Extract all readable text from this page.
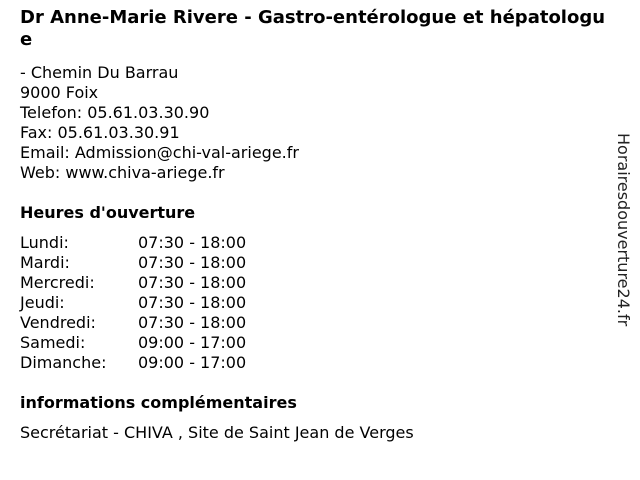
Dr Anne-Marie Rivere - Gastro-entérologue et hépatologue
- Chemin Du Barrau
9000 Foix
Telefon: 05.61.03.30.90
Fax: 05.61.03.30.91
Email: Admission@chi-val-ariege.fr
Web: www.chiva-ariege.fr
Heures d'ouverture
Lundi:	07:30 - 18:00
Mardi:	07:30 - 18:00
Mercredi:	07:30 - 18:00
Jeudi:	07:30 - 18:00
Vendredi:	07:30 - 18:00
Samedi:	09:00 - 17:00
Dimanche:	09:00 - 17:00
informations complémentaires
Secrétariat - CHIVA , Site de Saint Jean de Verges
Horairesdouverture24.fr
